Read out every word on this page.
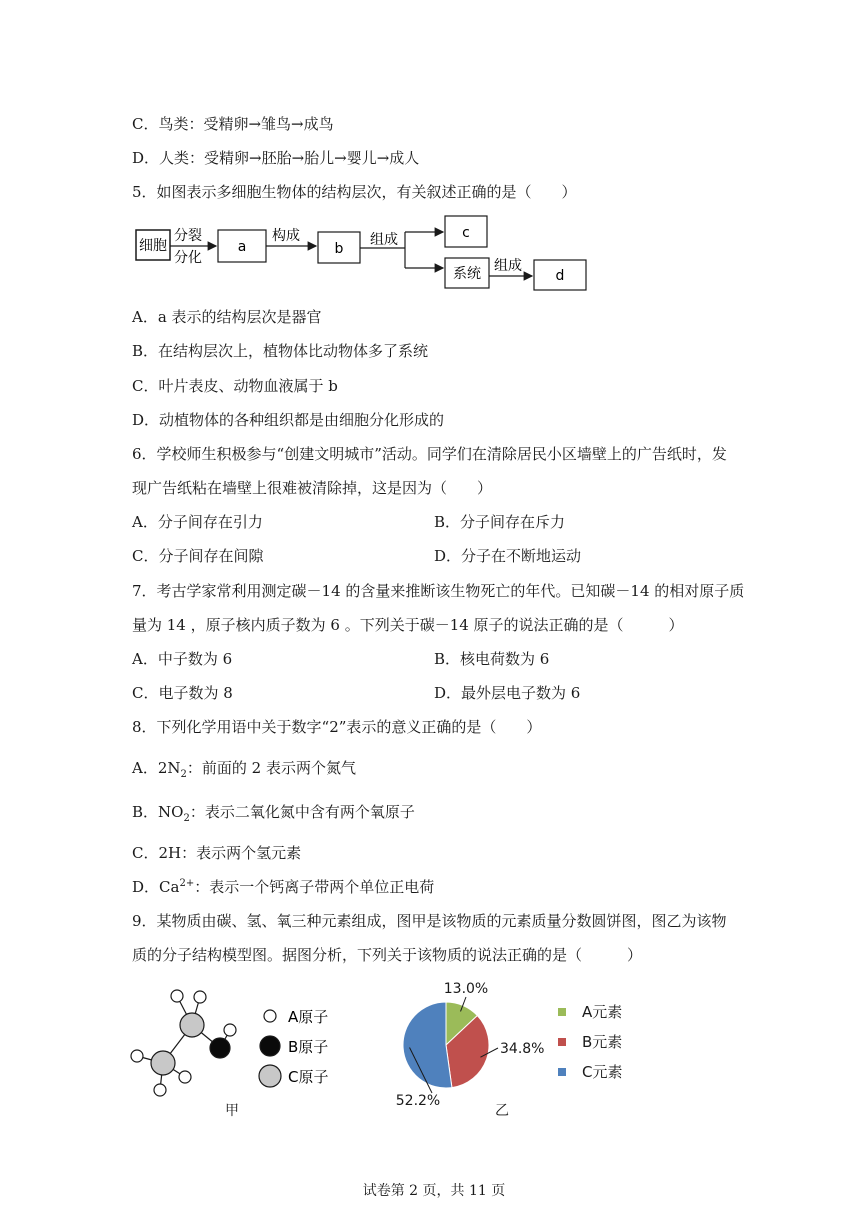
C．鸟类：受精卵→雏鸟→成鸟
D．人类：受精卵→胚胎→胎儿→婴儿→成人
5．如图表示多细胞生物体的结构层次，有关叙述正确的是（　　）
细胞
分裂
分化
a
构成
b
组成	c
系统 组成
d
A．a 表示的结构层次是器官
B．在结构层次上，植物体比动物体多了系统
C．叶片表皮、动物血液属于 b
D．动植物体的各种组织都是由细胞分化形成的
6．学校师生积极参与“创建文明城市”活动。同学们在清除居民小区墙壁上的广告纸时，发
现广告纸粘在墙壁上很难被清除掉，这是因为（　　）
A．分子间存在引力	B．分子间存在斥力
C．分子间存在间隙	D．分子在不断地运动
7．考古学家常利用测定碳－14 的含量来推断该生物死亡的年代。已知碳－14 的相对原子质
量为 14 ，原子核内质子数为 6 。下列关于碳－14 原子的说法正确的是（　　　）
A．中子数为 6	B．核电荷数为 6
C．电子数为 8	D．最外层电子数为 6
8．下列化学用语中关于数字“2”表示的意义正确的是（　　）
A．$2N_2$：前面的 2 表示两个氮气
B．$NO_2$：表示二氧化氮中含有两个氧原子
C．2H：表示两个氢元素
D．$Ca^{2+}$：表示一个钙离子带两个单位正电荷
9．某物质由碳、氢、氧三种元素组成，图甲是该物质的元素质量分数圆饼图，图乙为该物
质的分子结构模型图。据图分析，下列关于该物质的说法正确的是（　　　）
A原子
B原子
C原子
甲
13.0%
A元素
34.8%	B元素
52.2%
C元素
乙
试卷第 2 页，共 11 页
